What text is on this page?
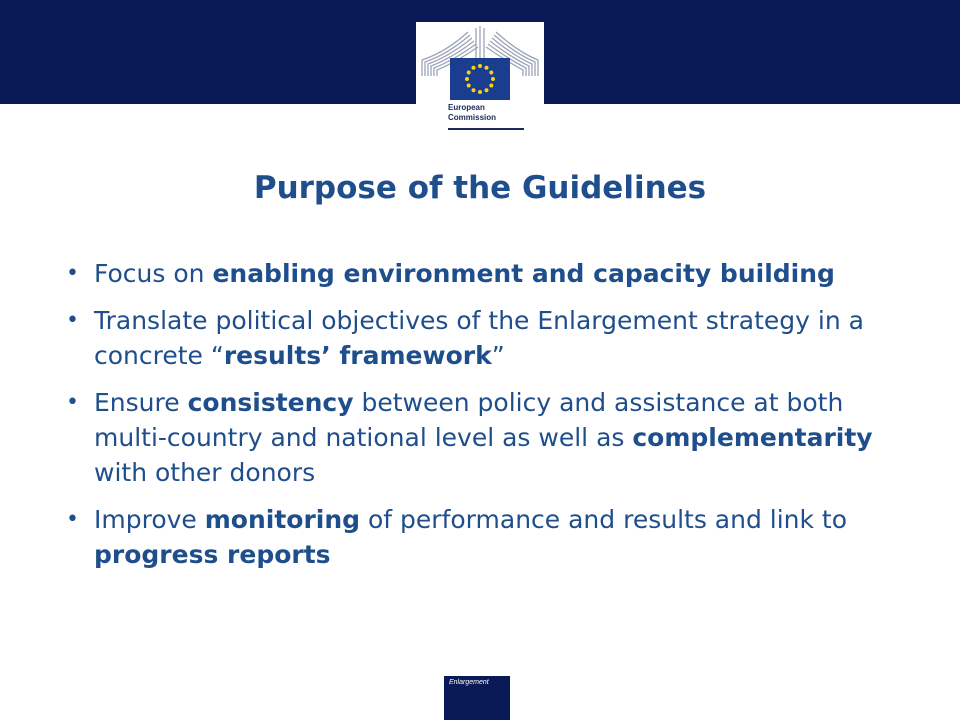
European
Commission
Purpose of the Guidelines
• Focus on enabling environment and capacity building
• Translate political objectives of the Enlargement strategy in a concrete “results’ framework”
• Ensure consistency between policy and assistance at both multi-country and national level as well as complementarity with other donors
• Improve monitoring of performance and results and link to progress reports
Enlargement
